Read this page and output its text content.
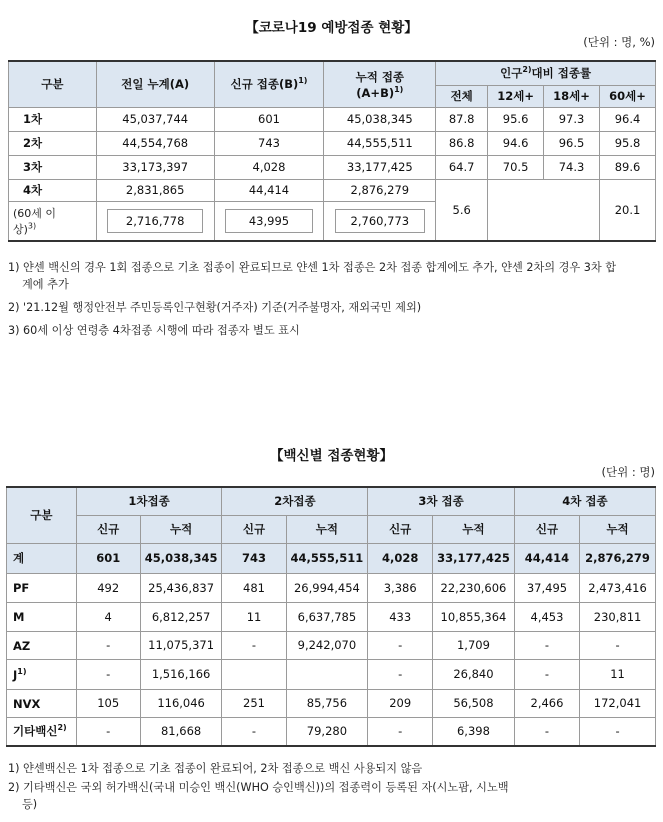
【코로나19 예방접종 현황】
(단위 : 명, %)
구분	전일 누계(A)	신규 접종$(B)^{1)}$	누적 접종
$(A+B)^{1)}$	인구$^{2)}$대비 접종률			
				전체	12세+	18세+	60세+
1차	45,037,744	601	45,038,345	87.8	95.6	97.3	96.4
2차	44,554,768	743	44,555,511	86.8	94.6	96.5	95.8
3차	33,173,397	4,028	33,177,425	64.7	70.5	74.3	89.6
4차	2,831,865	44,414	2,876,279	5.6			20.1
(60세 이
상)$^{3)}$	2,716,778	43,995	2,760,773				
1) 얀센 백신의 경우 1회 접종으로 기초 접종이 완료되므로 얀센 1차 접종은 2차 접종 합계에도 추가, 얀센 2차의 경우 3차 합
계에 추가
2) '21.12월 행정안전부 주민등록인구현황(거주자) 기준(거주불명자, 재외국민 제외)
3) 60세 이상 연령층 4차접종 시행에 따라 접종자 별도 표시
【백신별 접종현황】
(단위 : 명)
구분	1차접종		2차접종		3차 접종		4차 접종	
	신규	누적	신규	누적	신규	누적	신규	누적
계	601	45,038,345	743	44,555,511	4,028	33,177,425	44,414	2,876,279
PF	492	25,436,837	481	26,994,454	3,386	22,230,606	37,495	2,473,416
M	4	6,812,257	11	6,637,785	433	10,855,364	4,453	230,811
AZ	-	11,075,371	-	9,242,070	-	1,709	-	-
$J^{1)}$	-	1,516,166			-	26,840	-	11
NVX	105	116,046	251	85,756	209	56,508	2,466	172,041
기타백신$^{2)}$	-	81,668	-	79,280	-	6,398	-	-
1) 얀센백신은 1차 접종으로 기초 접종이 완료되어, 2차 접종으로 백신 사용되지 않음
2) 기타백신은 국외 허가백신(국내 미승인 백신(WHO 승인백신))의 접종력이 등록된 자(시노팜, 시노백
등)
